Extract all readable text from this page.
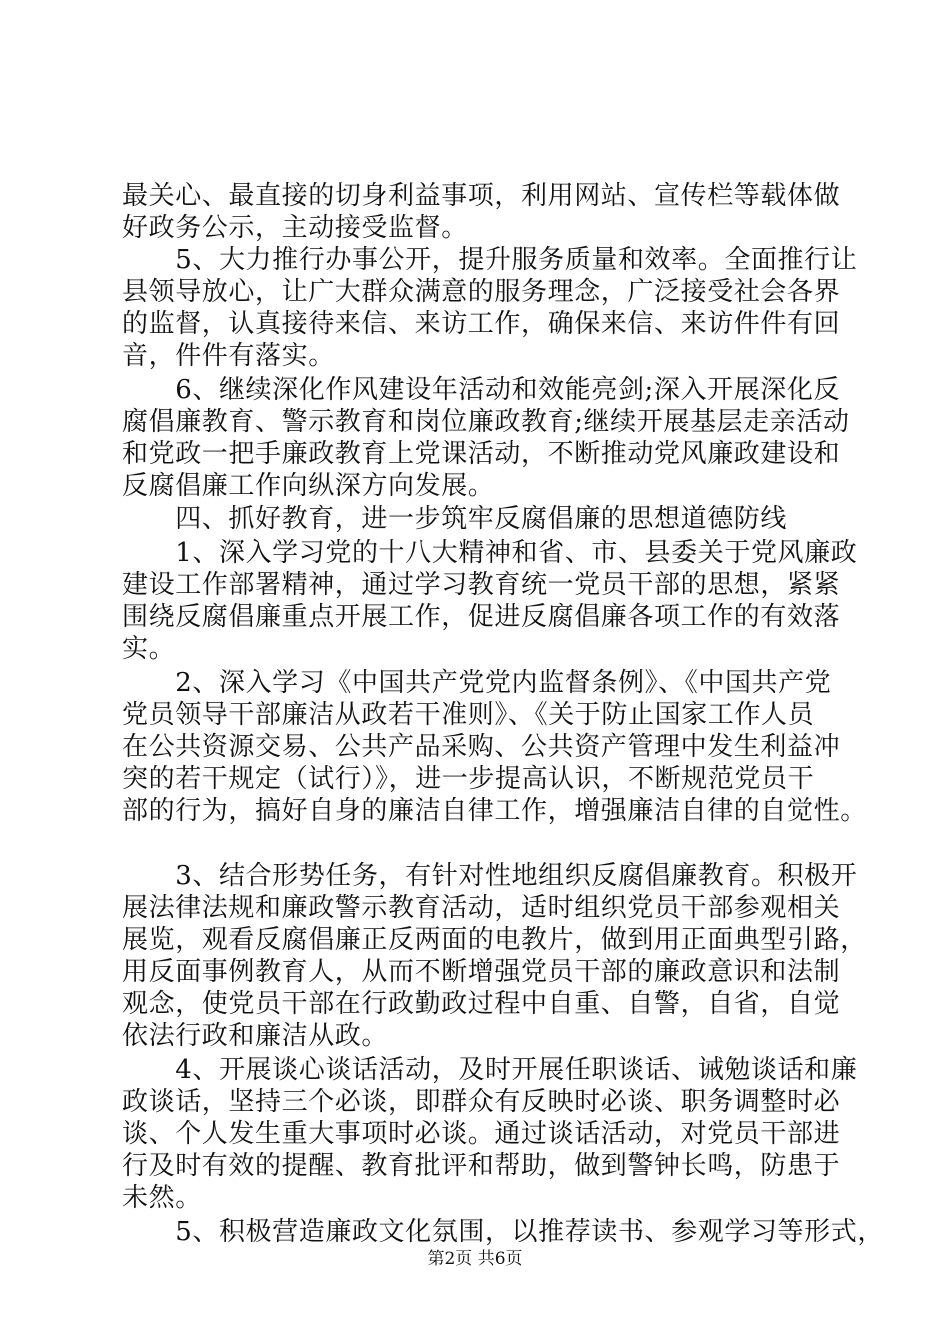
最关心、最直接的切身利益事项，利用网站、宣传栏等载体做
好政务公示，主动接受监督。
　　5、大力推行办事公开，提升服务质量和效率。全面推行让
县领导放心，让广大群众满意的服务理念，广泛接受社会各界
的监督，认真接待来信、来访工作，确保来信、来访件件有回
音，件件有落实。
　　6、继续深化作风建设年活动和效能亮剑;深入开展深化反
腐倡廉教育、警示教育和岗位廉政教育;继续开展基层走亲活动
和党政一把手廉政教育上党课活动，不断推动党风廉政建设和
反腐倡廉工作向纵深方向发展。
　　四、抓好教育，进一步筑牢反腐倡廉的思想道德防线
　　1、深入学习党的十八大精神和省、市、县委关于党风廉政
建设工作部署精神，通过学习教育统一党员干部的思想，紧紧
围绕反腐倡廉重点开展工作，促进反腐倡廉各项工作的有效落
实。
　　2、深入学习《中国共产党党内监督条例》、《中国共产党
党员领导干部廉洁从政若干准则》、《关于防止国家工作人员
在公共资源交易、公共产品采购、公共资产管理中发生利益冲
突的若干规定（试行）》，进一步提高认识，不断规范党员干
部的行为，搞好自身的廉洁自律工作，增强廉洁自律的自觉性。
　　3、结合形势任务，有针对性地组织反腐倡廉教育。积极开
展法律法规和廉政警示教育活动，适时组织党员干部参观相关
展览，观看反腐倡廉正反两面的电教片，做到用正面典型引路，
用反面事例教育人，从而不断增强党员干部的廉政意识和法制
观念，使党员干部在行政勤政过程中自重、自警，自省，自觉
依法行政和廉洁从政。
　　4、开展谈心谈话活动，及时开展任职谈话、诫勉谈话和廉
政谈话，坚持三个必谈，即群众有反映时必谈、职务调整时必
谈、个人发生重大事项时必谈。通过谈话活动，对党员干部进
行及时有效的提醒、教育批评和帮助，做到警钟长鸣，防患于
未然。
　　5、积极营造廉政文化氛围，以推荐读书、参观学习等形式，
第2页 共6页
